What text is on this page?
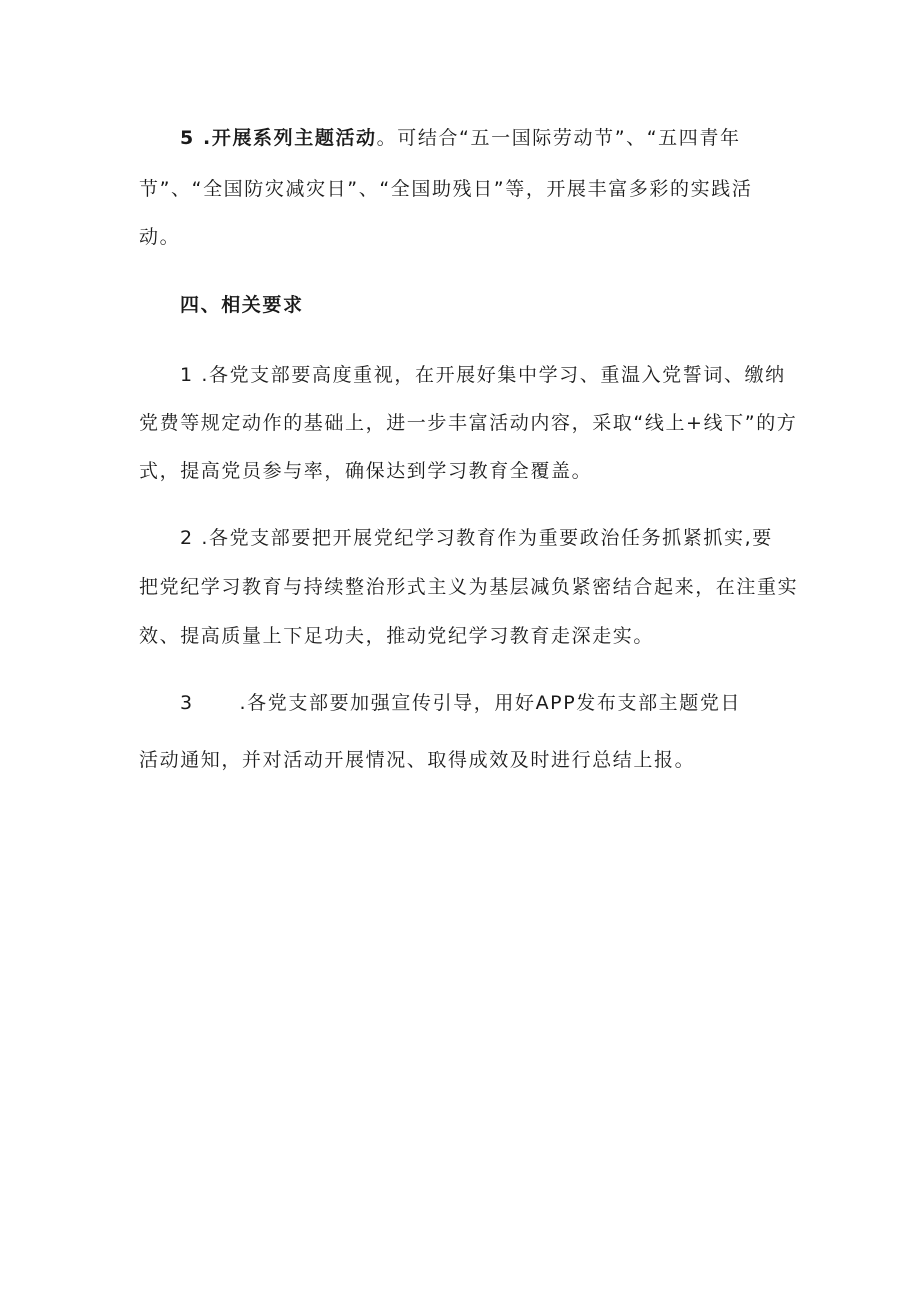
5 .开展系列主题活动。可结合“五一国际劳动节”、“五四青年
节”、“全国防灾减灾日”、“全国助残日”等，开展丰富多彩的实践活
动。
四、相关要求
1 .各党支部要高度重视，在开展好集中学习、重温入党誓词、缴纳
党费等规定动作的基础上，进一步丰富活动内容，采取“线上+线下”的方
式，提高党员参与率，确保达到学习教育全覆盖。
2 .各党支部要把开展党纪学习教育作为重要政治任务抓紧抓实,要
把党纪学习教育与持续整治形式主义为基层减负紧密结合起来，在注重实
效、提高质量上下足功夫，推动党纪学习教育走深走实。
3      .各党支部要加强宣传引导，用好APP发布支部主题党日
活动通知，并对活动开展情况、取得成效及时进行总结上报。
